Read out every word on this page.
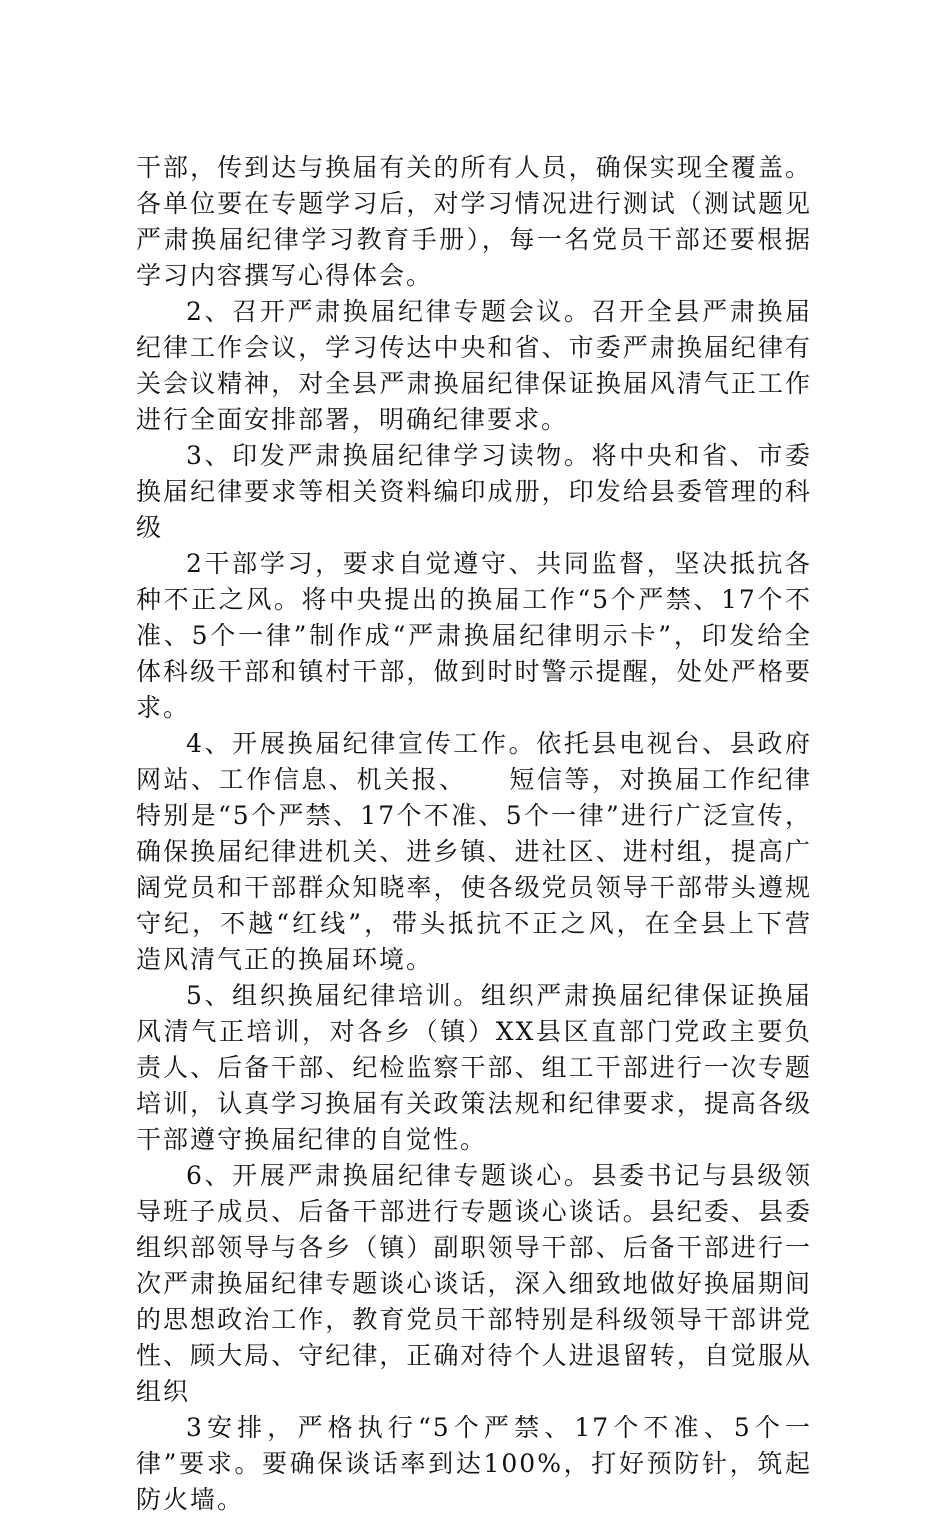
干部，传到达与换届有关的所有人员，确保实现全覆盖。各单位要在专题学习后，对学习情况进行测试（测试题见严肃换届纪律学习教育手册），每一名党员干部还要根据学习内容撰写心得体会。

2、召开严肃换届纪律专题会议。召开全县严肃换届纪律工作会议，学习传达中央和省、市委严肃换届纪律有关会议精神，对全县严肃换届纪律保证换届风清气正工作进行全面安排部署，明确纪律要求。

3、印发严肃换届纪律学习读物。将中央和省、市委换届纪律要求等相关资料编印成册，印发给县委管理的科级

2干部学习，要求自觉遵守、共同监督，坚决抵抗各种不正之风。将中央提出的换届工作“5个严禁、17个不准、5个一律”制作成“严肃换届纪律明示卡”，印发给全体科级干部和镇村干部，做到时时警示提醒，处处严格要求。

4、开展换届纪律宣传工作。依托县电视台、县政府网站、工作信息、机关报、　　短信等，对换届工作纪律特别是“5个严禁、17个不准、5个一律”进行广泛宣传，确保换届纪律进机关、进乡镇、进社区、进村组，提高广阔党员和干部群众知晓率，使各级党员领导干部带头遵规守纪，不越“红线”，带头抵抗不正之风，在全县上下营造风清气正的换届环境。

5、组织换届纪律培训。组织严肃换届纪律保证换届风清气正培训，对各乡（镇）XX县区直部门党政主要负责人、后备干部、纪检监察干部、组工干部进行一次专题培训，认真学习换届有关政策法规和纪律要求，提高各级干部遵守换届纪律的自觉性。

6、开展严肃换届纪律专题谈心。县委书记与县级领导班子成员、后备干部进行专题谈心谈话。县纪委、县委组织部领导与各乡（镇）副职领导干部、后备干部进行一次严肃换届纪律专题谈心谈话，深入细致地做好换届期间的思想政治工作，教育党员干部特别是科级领导干部讲党性、顾大局、守纪律，正确对待个人进退留转，自觉服从组织

3安排，严格执行“5个严禁、17个不准、5个一律”要求。要确保谈话率到达100%，打好预防针，筑起防火墙。
